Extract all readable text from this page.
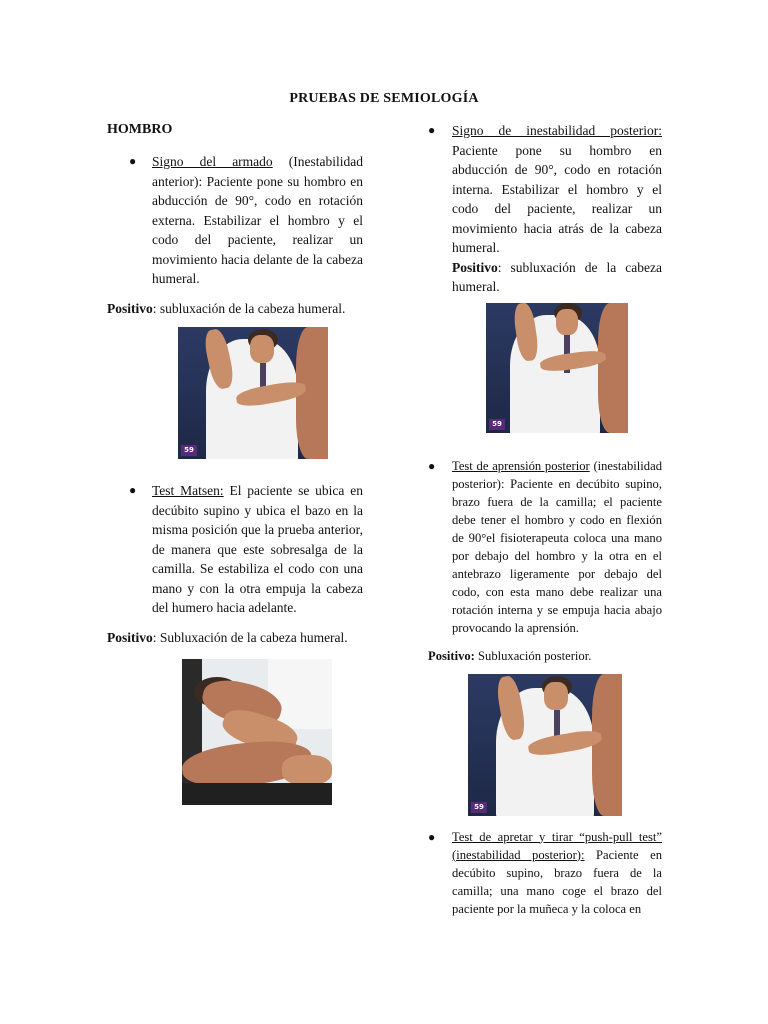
PRUEBAS DE SEMIOLOGÍA
HOMBRO
● Signo del armado (Inestabilidad anterior): Paciente pone su hombro en abducción de 90°, codo en rotación externa. Estabilizar el hombro y el codo del paciente, realizar un movimiento hacia delante de la cabeza humeral.
Positivo: subluxación de la cabeza humeral.
59
● Test Matsen: El paciente se ubica en decúbito supino y ubica el bazo en la misma posición que la prueba anterior, de manera que este sobresalga de la camilla. Se estabiliza el codo con una mano y con la otra empuja la cabeza del humero hacia adelante.
Positivo: Subluxación de la cabeza humeral.
● Signo de inestabilidad posterior: Paciente pone su hombro en abducción de 90°, codo en rotación interna. Estabilizar el hombro y el codo del paciente, realizar un movimiento hacia atrás de la cabeza humeral.
Positivo: subluxación de la cabeza humeral.
59
● Test de aprensión posterior (inestabilidad posterior): Paciente en decúbito supino, brazo fuera de la camilla; el paciente debe tener el hombro y codo en flexión de 90°el fisioterapeuta coloca una mano por debajo del hombro y la otra en el antebrazo ligeramente por debajo del codo, con esta mano debe realizar una rotación interna y se empuja hacia abajo provocando la aprensión.
Positivo: Subluxación posterior.
59
● Test de apretar y tirar “push-pull test” (inestabilidad posterior): Paciente en decúbito supino, brazo fuera de la camilla; una mano coge el brazo del paciente por la muñeca y la coloca en
